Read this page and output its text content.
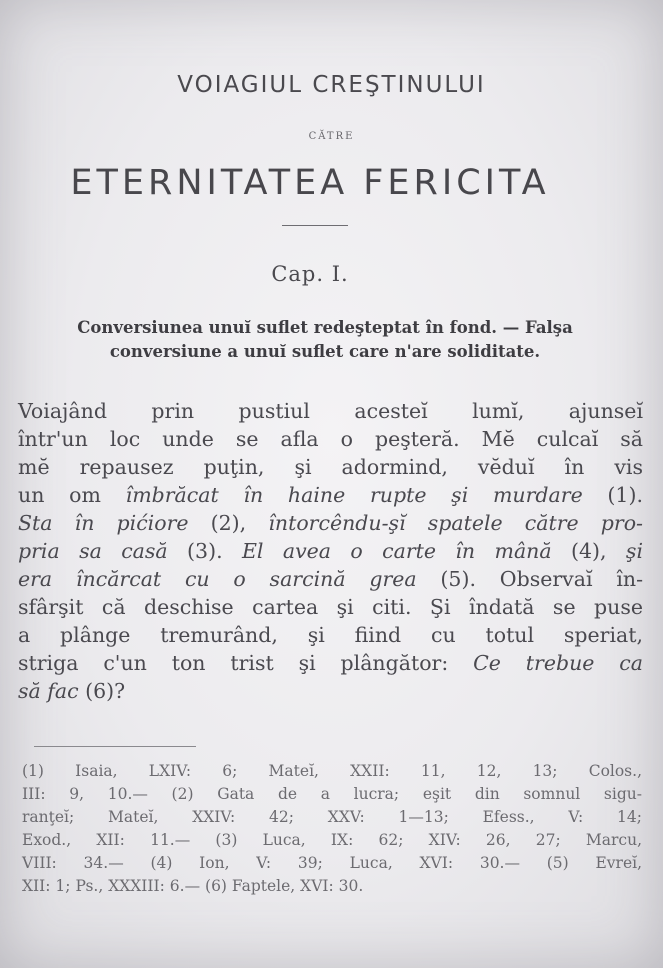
VOIAGIUL CREŞTINULUI
CĂTRE
ETERNITATEA FERICITA
Cap. I.
Conversiunea unuĭ suflet redeşteptat în fond. — Falşa
conversiune a unuĭ suflet care n'are soliditate.
Voiajând prin pustiul acesteĭ lumĭ, ajunseĭ
într'un loc unde se afla o peşteră. Mĕ culcaĭ să
mĕ repausez puţin, şi adormind, vĕduĭ în vis
un om îmbrăcat în haine rupte şi murdare (1).
Sta în pićiore (2), întorcêndu-şĭ spatele către pro-
pria sa casă (3). El avea o carte în mână (4), şi
era încărcat cu o sarcină grea (5). Observaĭ în-
sfârşit că deschise cartea şi citi. Şi îndată se puse
a plânge tremurând, şi fiind cu totul speriat,
striga c'un ton trist şi plângător: Ce trebue ca
să fac (6)?
(1) Isaia, LXIV: 6; Mateĭ, XXII: 11, 12, 13; Colos.,
III: 9, 10.— (2) Gata de a lucra; eşit din somnul sigu-
ranţeĭ; Mateĭ, XXIV: 42; XXV: 1—13; Efess., V: 14;
Exod., XII: 11.— (3) Luca, IX: 62; XIV: 26, 27; Marcu,
VIII: 34.— (4) Ion, V: 39; Luca, XVI: 30.— (5) Evreĭ,
XII: 1; Ps., XXXIII: 6.— (6) Faptele, XVI: 30.
